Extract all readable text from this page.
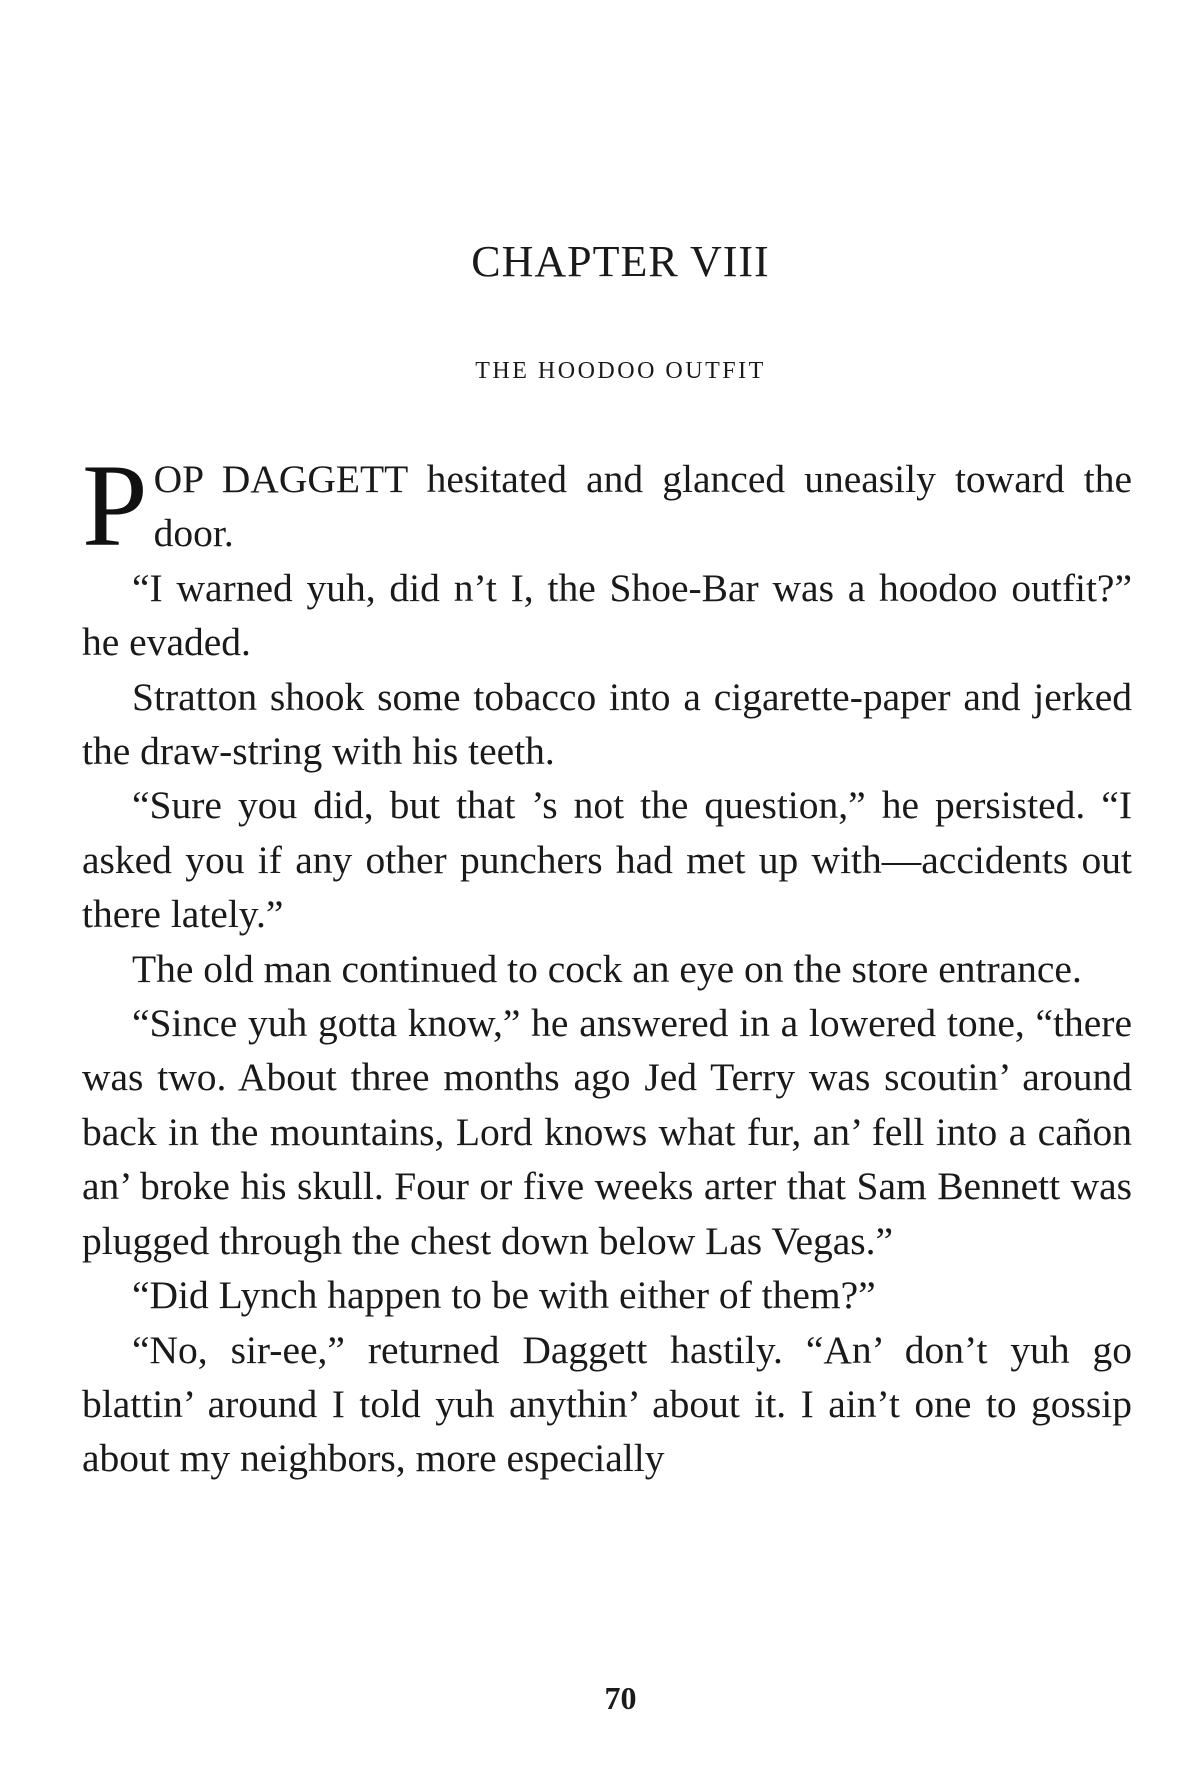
CHAPTER VIII
THE HOODOO OUTFIT

POP DAGGETT hesitated and glanced uneasily toward the door.

“I warned yuh, did n’t I, the Shoe-Bar was a hoodoo outfit?” he evaded.

Stratton shook some tobacco into a cigarette-paper and jerked the draw-string with his teeth.

“Sure you did, but that ’s not the question,” he persisted. “I asked you if any other punchers had met up with—accidents out there lately.”

The old man continued to cock an eye on the store entrance.

“Since yuh gotta know,” he answered in a lowered tone, “there was two. About three months ago Jed Terry was scoutin’ around back in the mountains, Lord knows what fur, an’ fell into a cañon an’ broke his skull. Four or five weeks arter that Sam Bennett was plugged through the chest down below Las Vegas.”

“Did Lynch happen to be with either of them?”

“No, sir-ee,” returned Daggett hastily. “An’ don’t yuh go blattin’ around I told yuh anythin’ about it. I ain’t one to gossip about my neighbors, more especially

70
